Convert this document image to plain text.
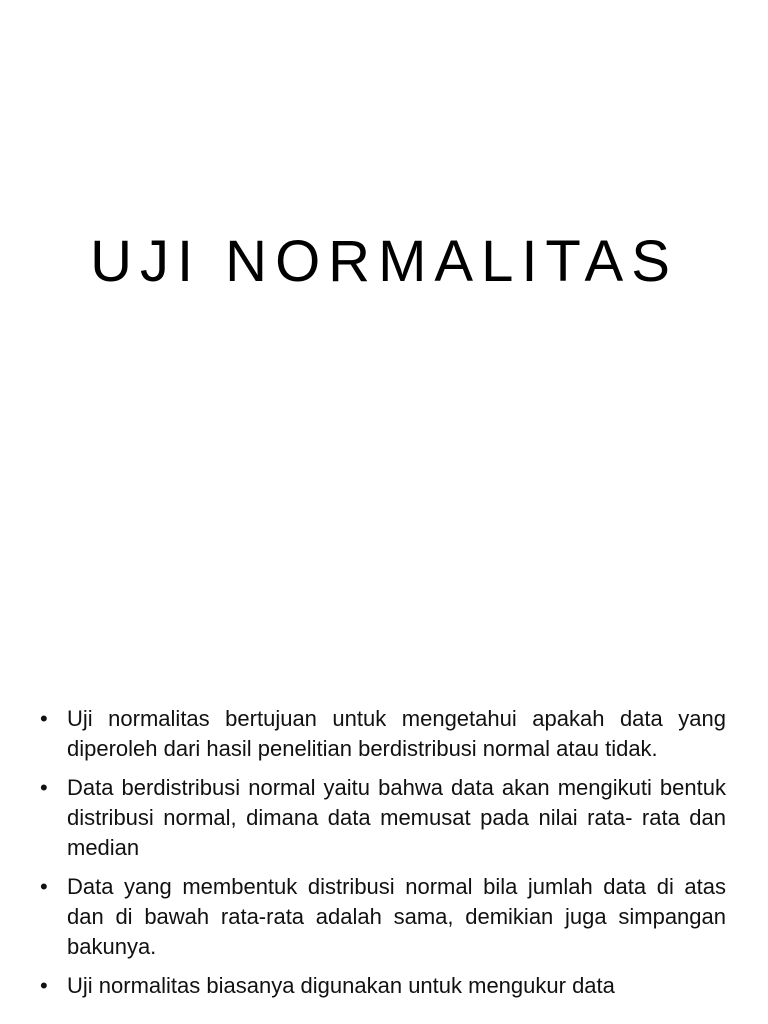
UJI NORMALITAS
• Uji normalitas bertujuan untuk mengetahui apakah data yang diperoleh dari hasil penelitian berdistribusi normal atau tidak.
• Data berdistribusi normal yaitu bahwa data akan mengikuti bentuk distribusi normal, dimana data memusat pada nilai rata- rata dan median
• Data yang membentuk distribusi normal bila jumlah data di atas dan di bawah rata-rata adalah sama, demikian juga simpangan bakunya.
• Uji normalitas biasanya digunakan untuk mengukur data
